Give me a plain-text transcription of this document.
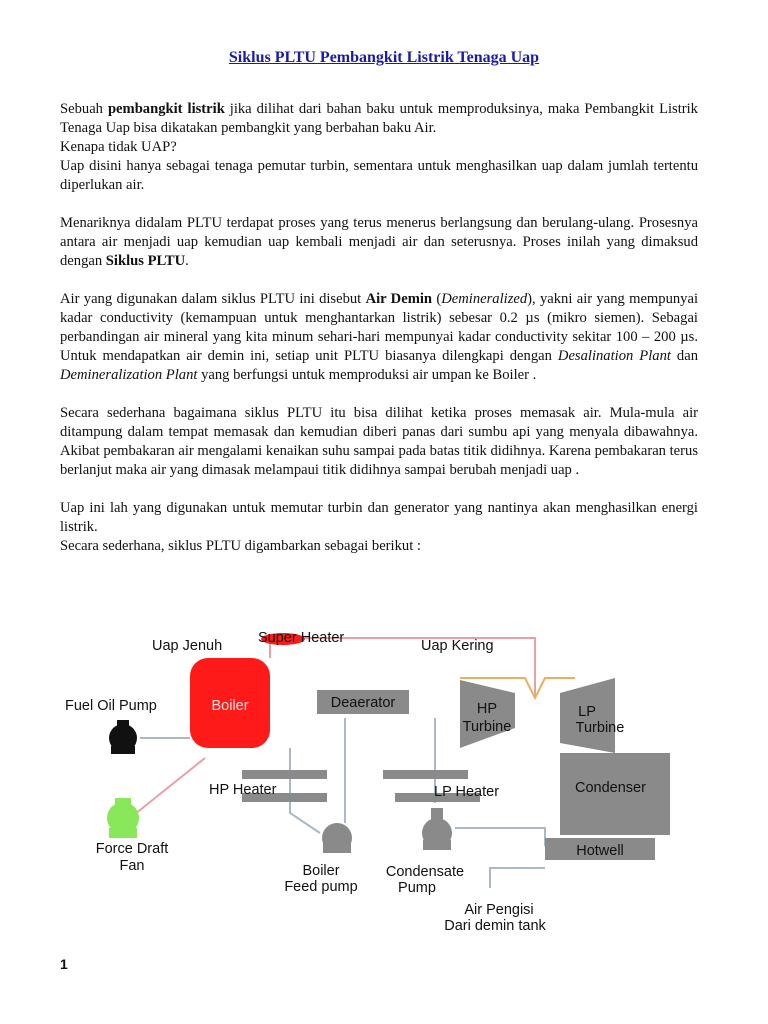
Siklus PLTU Pembangkit Listrik Tenaga Uap

Sebuah pembangkit listrik jika dilihat dari bahan baku untuk memproduksinya, maka Pembangkit Listrik Tenaga Uap bisa dikatakan pembangkit yang berbahan baku Air.
Kenapa tidak UAP?
Uap disini hanya sebagai tenaga pemutar turbin, sementara untuk menghasilkan uap dalam jumlah tertentu diperlukan air.

Menariknya didalam PLTU terdapat proses yang terus menerus berlangsung dan berulang-ulang. Prosesnya antara air menjadi uap kemudian uap kembali menjadi air dan seterusnya. Proses inilah yang dimaksud dengan Siklus PLTU.

Air yang digunakan dalam siklus PLTU ini disebut Air Demin (Demineralized), yakni air yang mempunyai kadar conductivity (kemampuan untuk menghantarkan listrik) sebesar 0.2 µs (mikro siemen). Sebagai perbandingan air mineral yang kita minum sehari-hari mempunyai kadar conductivity sekitar 100 – 200 µs. Untuk mendapatkan air demin ini, setiap unit PLTU biasanya dilengkapi dengan Desalination Plant dan Demineralization Plant yang berfungsi untuk memproduksi air umpan ke Boiler .

Secara sederhana bagaimana siklus PLTU itu bisa dilihat ketika proses memasak air. Mula-mula air ditampung dalam tempat memasak dan kemudian diberi panas dari sumbu api yang menyala dibawahnya. Akibat pembakaran air mengalami kenaikan suhu sampai pada batas titik didihnya. Karena pembakaran terus berlanjut maka air yang dimasak melampaui titik didihnya sampai berubah menjadi uap .

Uap ini lah yang digunakan untuk memutar turbin dan generator yang nantinya akan menghasilkan energi listrik.
Secara sederhana, siklus PLTU digambarkan sebagai berikut :

Boiler	Deaerator
Uap Jenuh Super Heater	Uap Kering
Fuel Oil Pump	HP
Turbine
LP
Turbine
HP Heater	LP Heater	Condenser
Force Draft
Fan
Hotwell
Boiler
Feed pump
Condensate
Pump
Air Pengisi
Dari demin tank
1
